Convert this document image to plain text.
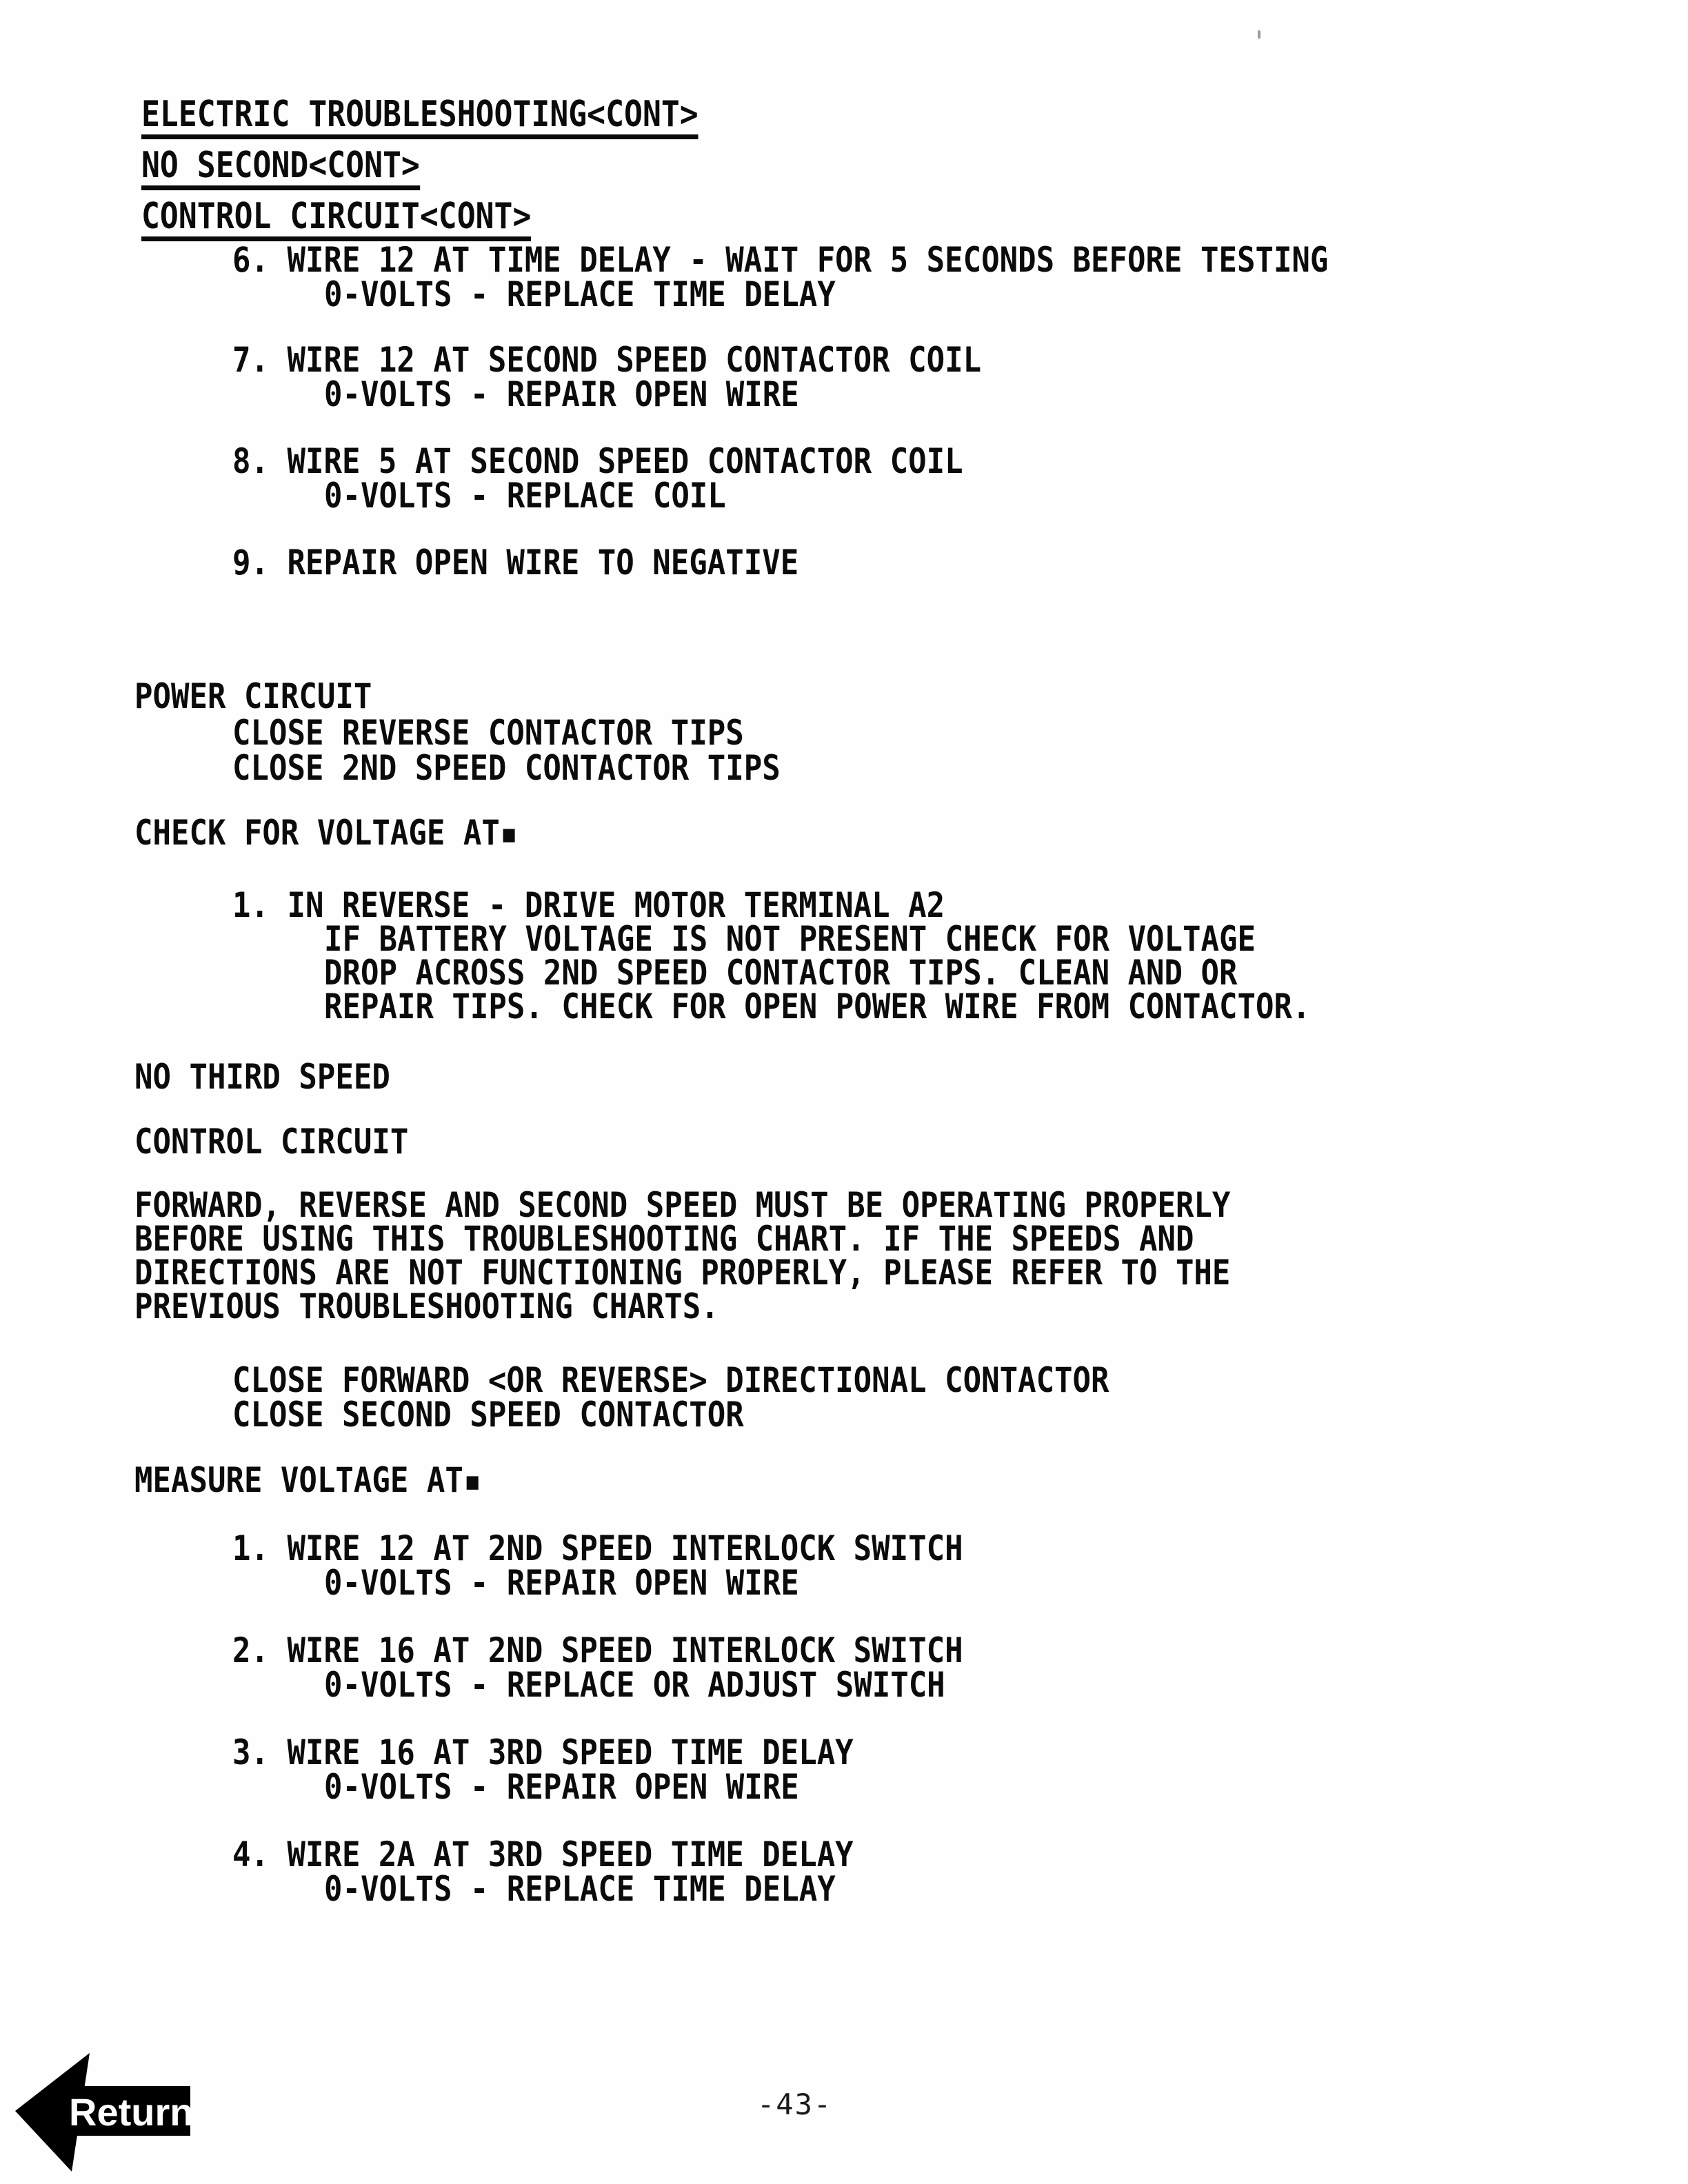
ELECTRIC TROUBLESHOOTING<CONT>
NO SECOND<CONT>
CONTROL CIRCUIT<CONT>
6. WIRE 12 AT TIME DELAY - WAIT FOR 5 SECONDS BEFORE TESTING
0-VOLTS - REPLACE TIME DELAY
7. WIRE 12 AT SECOND SPEED CONTACTOR COIL
0-VOLTS - REPAIR OPEN WIRE
8. WIRE 5 AT SECOND SPEED CONTACTOR COIL
0-VOLTS - REPLACE COIL
9. REPAIR OPEN WIRE TO NEGATIVE
POWER CIRCUIT
CLOSE REVERSE CONTACTOR TIPS
CLOSE 2ND SPEED CONTACTOR TIPS
CHECK FOR VOLTAGE AT▪
1. IN REVERSE - DRIVE MOTOR TERMINAL A2
IF BATTERY VOLTAGE IS NOT PRESENT CHECK FOR VOLTAGE
DROP ACROSS 2ND SPEED CONTACTOR TIPS. CLEAN AND OR
REPAIR TIPS. CHECK FOR OPEN POWER WIRE FROM CONTACTOR.
NO THIRD SPEED
CONTROL CIRCUIT
FORWARD, REVERSE AND SECOND SPEED MUST BE OPERATING PROPERLY
BEFORE USING THIS TROUBLESHOOTING CHART. IF THE SPEEDS AND
DIRECTIONS ARE NOT FUNCTIONING PROPERLY, PLEASE REFER TO THE
PREVIOUS TROUBLESHOOTING CHARTS.
CLOSE FORWARD <OR REVERSE> DIRECTIONAL CONTACTOR
CLOSE SECOND SPEED CONTACTOR
MEASURE VOLTAGE AT▪
1. WIRE 12 AT 2ND SPEED INTERLOCK SWITCH
0-VOLTS - REPAIR OPEN WIRE
2. WIRE 16 AT 2ND SPEED INTERLOCK SWITCH
0-VOLTS - REPLACE OR ADJUST SWITCH
3. WIRE 16 AT 3RD SPEED TIME DELAY
0-VOLTS - REPAIR OPEN WIRE
4. WIRE 2A AT 3RD SPEED TIME DELAY
0-VOLTS - REPLACE TIME DELAY
Return	-43-
